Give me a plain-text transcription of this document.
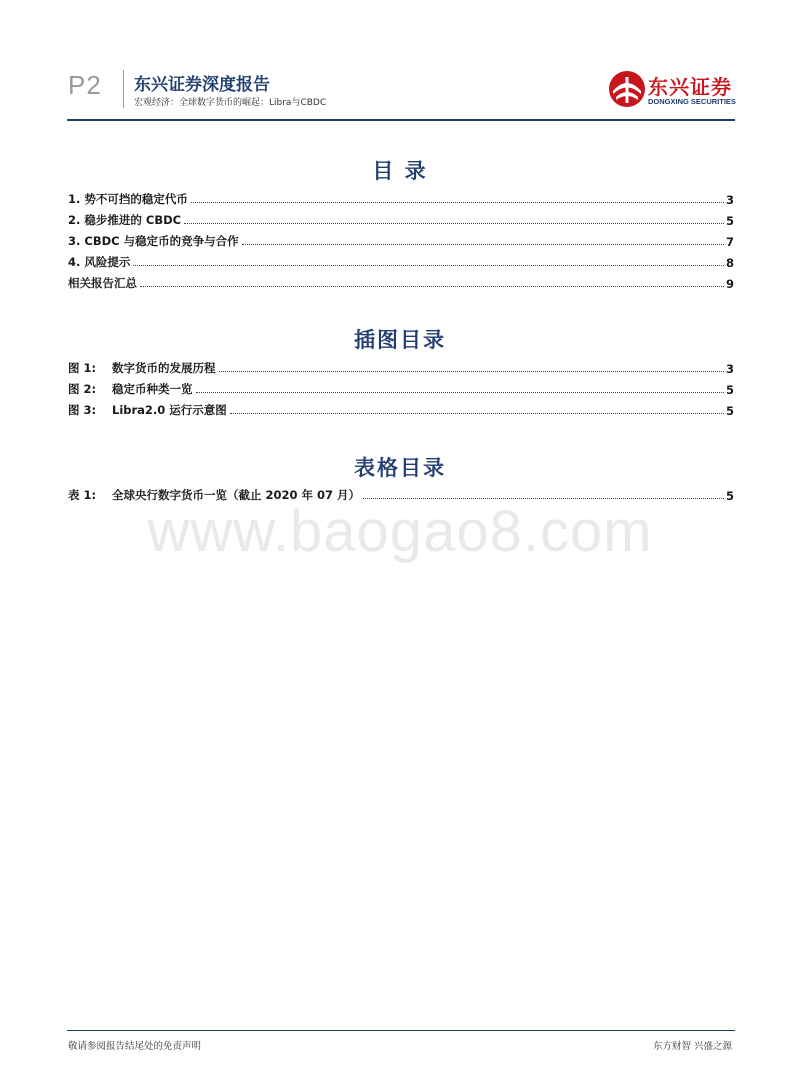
P2 东兴证券深度报告
宏观经济：全球数字货币的崛起：Libra与CBDC
东兴证券
DONGXING SECURITIES
目 录
1. 势不可挡的稳定代币	3
2. 稳步推进的 CBDC	5
3. CBDC 与稳定币的竞争与合作	7
4. 风险提示	8
相关报告汇总	9
插图目录
图 1: 数字货币的发展历程	3
图 2: 稳定币种类一览	5
图 3: Libra2.0 运行示意图	5
表格目录
表 1: 全球央行数字货币一览（截止 2020 年 07 月）	5
www.baogao8.com
敬请参阅报告结尾处的免责声明	东方财智 兴盛之源
